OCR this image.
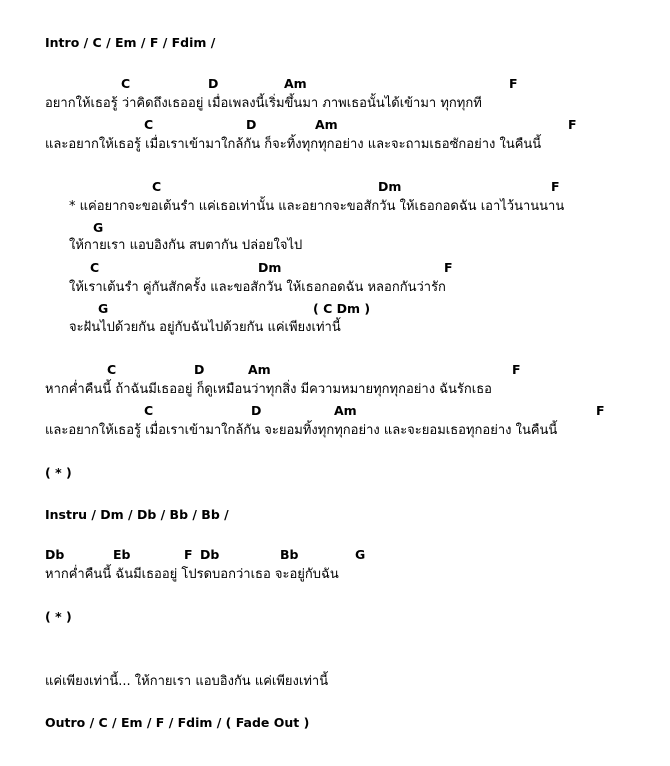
Intro / C / Em / F / Fdim /
C	D	Am	F
อยากให้เธอรู้ ว่าคิดถึงเธออยู่ เมื่อเพลงนี้เริ่มขึ้นมา ภาพเธอนั้นได้เข้ามา ทุกทุกที
C	D	Am	F
และอยากให้เธอรู้ เมื่อเราเข้ามาใกล้กัน ก็จะทิ้งทุกทุกอย่าง และจะถามเธอซักอย่าง ในคืนนี้
C	Dm	F
* แค่อยากจะขอเต้นรำ แค่เธอเท่านั้น และอยากจะขอสักวัน ให้เธอกอดฉัน เอาไว้นานนาน
G
ให้กายเรา แอบอิงกัน สบตากัน ปล่อยใจไป
C	Dm	F
ให้เราเต้นรำ คู่กันสักครั้ง และขอสักวัน ให้เธอกอดฉัน หลอกกันว่ารัก
G	( C Dm )
จะฝันไปด้วยกัน อยู่กับฉันไปด้วยกัน แค่เพียงเท่านี้
C	D	Am	F
หากค่ำคืนนี้ ถ้าฉันมีเธออยู่ ก็ดูเหมือนว่าทุกสิ่ง มีความหมายทุกทุกอย่าง ฉันรักเธอ
C	D	Am	F
และอยากให้เธอรู้ เมื่อเราเข้ามาใกล้กัน จะยอมทิ้งทุกทุกอย่าง และจะยอมเธอทุกอย่าง ในคืนนี้
( * )
Instru / Dm / Db / Bb / Bb /
Db	Eb	F Db	Bb	G
หากค่ำคืนนี้ ฉันมีเธออยู่ โปรดบอกว่าเธอ จะอยู่กับฉัน
( * )
แค่เพียงเท่านี้... ให้กายเรา แอบอิงกัน แค่เพียงเท่านี้
Outro / C / Em / F / Fdim / ( Fade Out )
